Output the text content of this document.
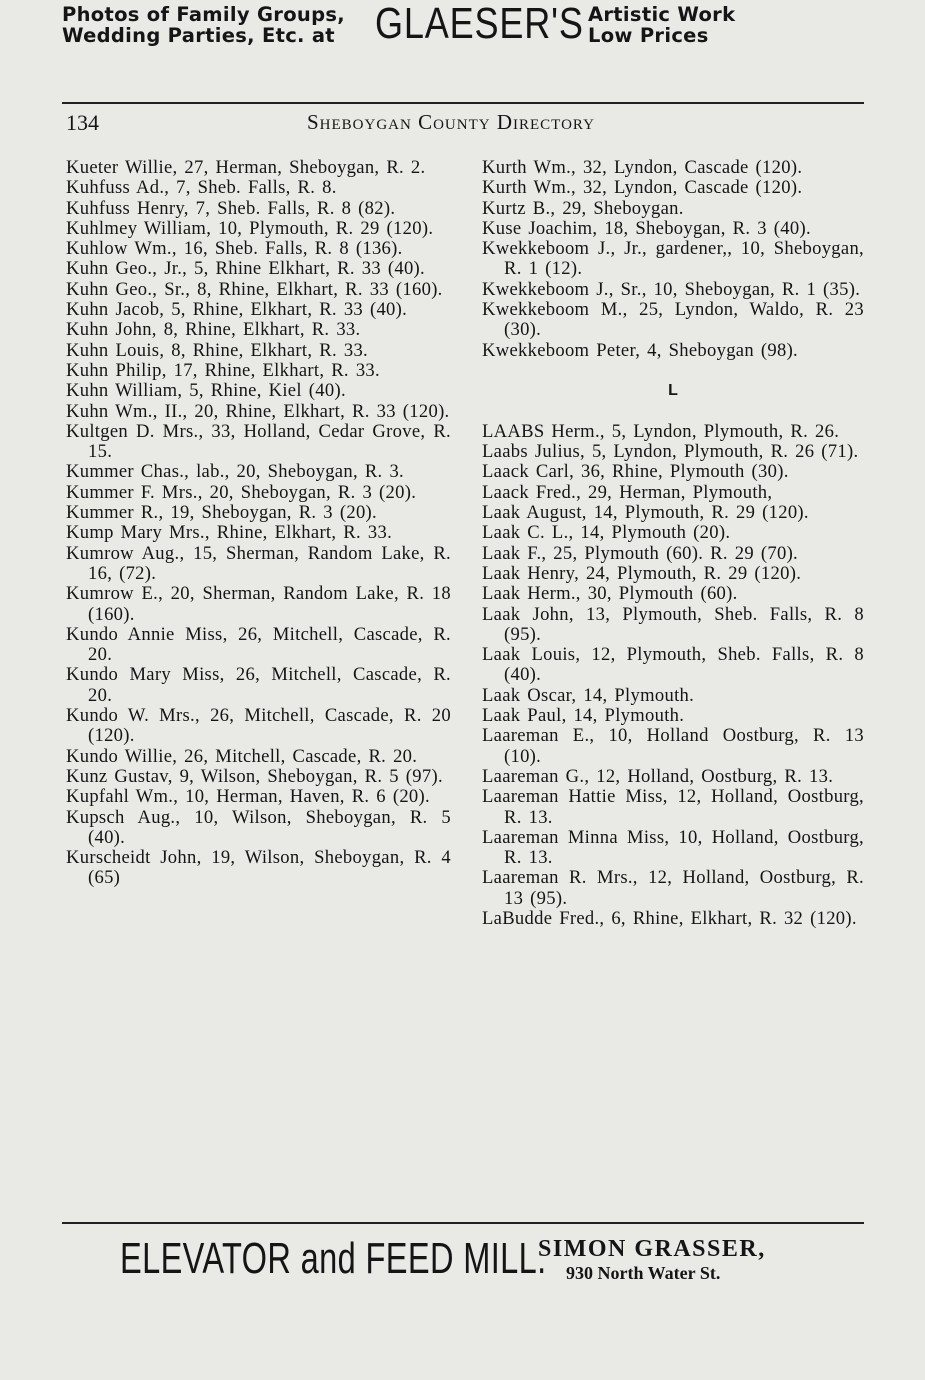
Photos of Family Groups,
Wedding Parties, Etc. at GLAESER'S Artistic Work
Low Prices
134	Sheboygan County Directory
Kueter Willie, 27, Herman, Sheboygan, R. 2.
Kuhfuss Ad., 7, Sheb. Falls, R. 8.
Kuhfuss Henry, 7, Sheb. Falls, R. 8 (82).
Kuhlmey William, 10, Plymouth, R. 29 (120).
Kuhlow Wm., 16, Sheb. Falls, R. 8 (136).
Kuhn Geo., Jr., 5, Rhine Elkhart, R. 33 (40).
Kuhn Geo., Sr., 8, Rhine, Elkhart, R. 33 (160).
Kuhn Jacob, 5, Rhine, Elkhart, R. 33 (40).
Kuhn John, 8, Rhine, Elkhart, R. 33.
Kuhn Louis, 8, Rhine, Elkhart, R. 33.
Kuhn Philip, 17, Rhine, Elkhart, R. 33.
Kuhn William, 5, Rhine, Kiel (40).
Kuhn Wm., II., 20, Rhine, Elkhart, R. 33 (120).
Kultgen D. Mrs., 33, Holland, Cedar Grove, R. 15.
Kummer Chas., lab., 20, Sheboygan, R. 3.
Kummer F. Mrs., 20, Sheboygan, R. 3 (20).
Kummer R., 19, Sheboygan, R. 3 (20).
Kump Mary Mrs., Rhine, Elkhart, R. 33.
Kumrow Aug., 15, Sherman, Random Lake, R. 16, (72).
Kumrow E., 20, Sherman, Random Lake, R. 18 (160).
Kundo Annie Miss, 26, Mitchell, Cascade, R. 20.
Kundo Mary Miss, 26, Mitchell, Cascade, R. 20.
Kundo W. Mrs., 26, Mitchell, Cascade, R. 20 (120).
Kundo Willie, 26, Mitchell, Cascade, R. 20.
Kunz Gustav, 9, Wilson, Sheboygan, R. 5 (97).
Kupfahl Wm., 10, Herman, Haven, R. 6 (20).
Kupsch Aug., 10, Wilson, Sheboygan, R. 5 (40).
Kurscheidt John, 19, Wilson, Sheboygan, R. 4 (65)
Kurth Wm., 32, Lyndon, Cascade (120).
Kurth Wm., 32, Lyndon, Cascade (120).
Kurtz B., 29, Sheboygan.
Kuse Joachim, 18, Sheboygan, R. 3 (40).
Kwekkeboom J., Jr., gardener,, 10, Sheboygan, R. 1 (12).
Kwekkeboom J., Sr., 10, Sheboygan, R. 1 (35).
Kwekkeboom M., 25, Lyndon, Waldo, R. 23 (30).
Kwekkeboom Peter, 4, Sheboygan (98).
L
LAABS Herm., 5, Lyndon, Plymouth, R. 26.
Laabs Julius, 5, Lyndon, Plymouth, R. 26 (71).
Laack Carl, 36, Rhine, Plymouth (30).
Laack Fred., 29, Herman, Plymouth,
Laak August, 14, Plymouth, R. 29 (120).
Laak C. L., 14, Plymouth (20).
Laak F., 25, Plymouth (60). R. 29 (70).
Laak Henry, 24, Plymouth, R. 29 (120).
Laak Herm., 30, Plymouth (60).
Laak John, 13, Plymouth, Sheb. Falls, R. 8 (95).
Laak Louis, 12, Plymouth, Sheb. Falls, R. 8 (40).
Laak Oscar, 14, Plymouth.
Laak Paul, 14, Plymouth.
Laareman E., 10, Holland Oostburg, R. 13 (10).
Laareman G., 12, Holland, Oostburg, R. 13.
Laareman Hattie Miss, 12, Holland, Oostburg, R. 13.
Laareman Minna Miss, 10, Holland, Oostburg, R. 13.
Laareman R. Mrs., 12, Holland, Oostburg, R. 13 (95).
LaBudde Fred., 6, Rhine, Elkhart, R. 32 (120).
ELEVATOR and FEED MILL.
SIMON GRASSER,
930 North Water St.
